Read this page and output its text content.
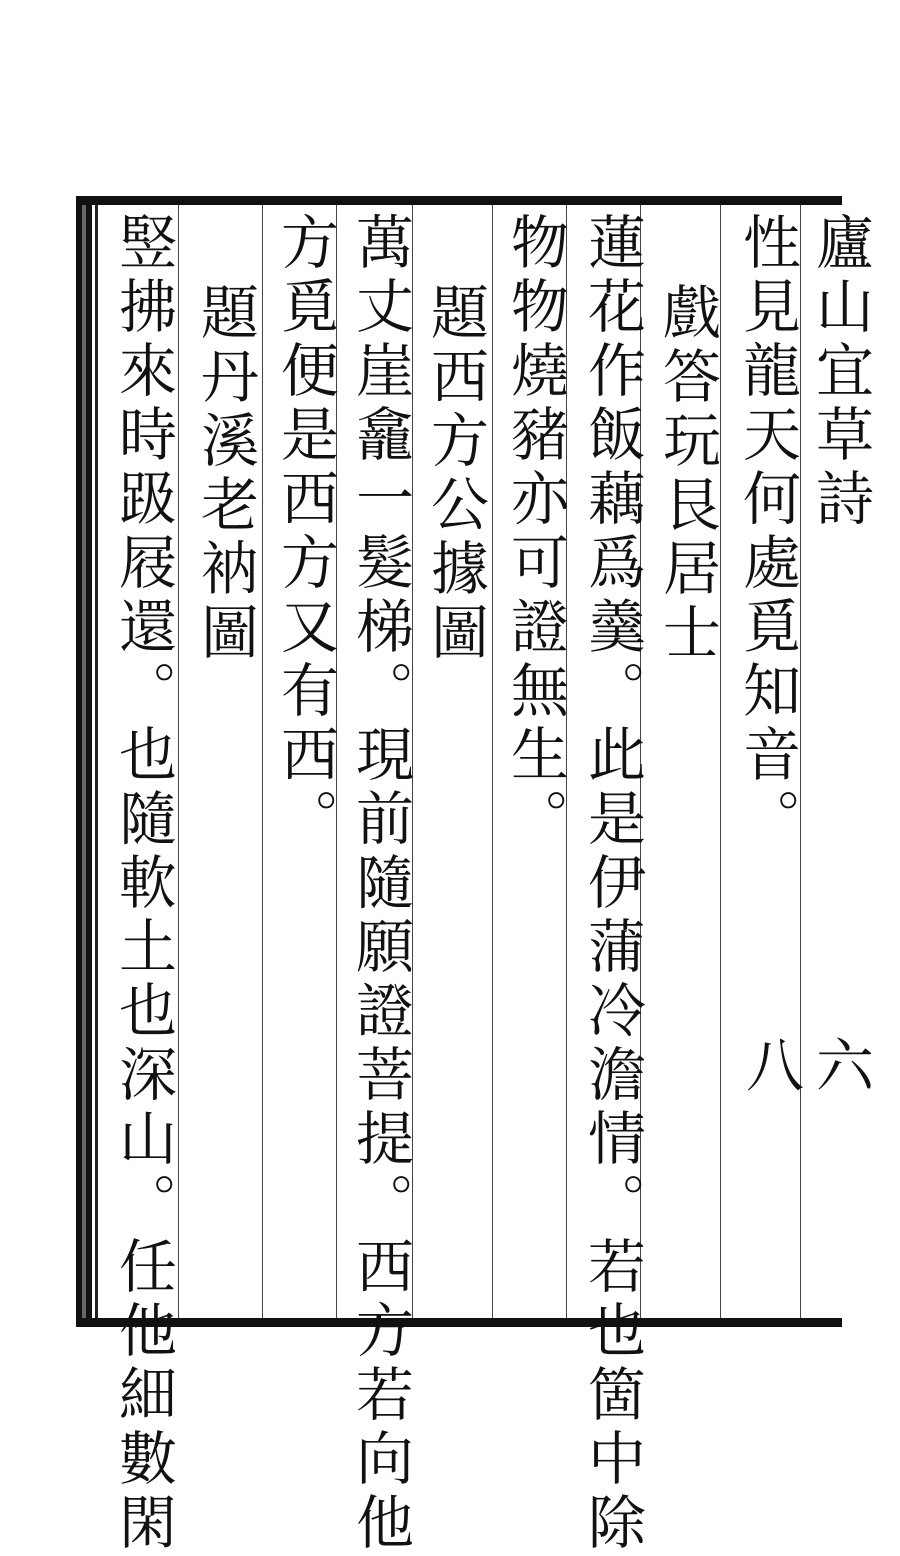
廬山宜草詩
六八
性見龍天何處覓知音。
戲答玩艮居士
蓮花作飯藕爲羹。此是伊蒲冷澹情。若也箇中除
物物燒豬亦可證無生。
題西方公據圖
萬丈崖龕一髮梯。現前隨願證菩提。西方若向他
方覓便是西方又有西。
題丹溪老衲圖
竪拂來時趿屐還。也隨軟土也深山。任他細數閑
